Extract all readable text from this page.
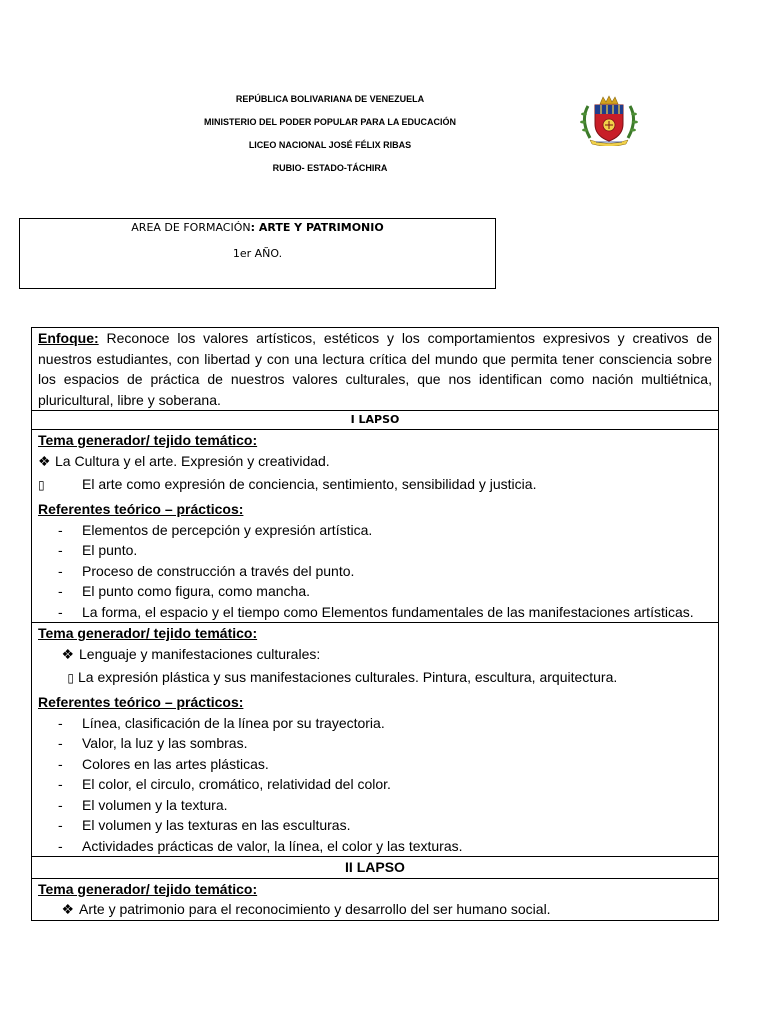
REPÚBLICA BOLIVARIANA DE VENEZUELA
MINISTERIO DEL PODER POPULAR PARA LA EDUCACIÓN
LICEO NACIONAL JOSÉ FÉLIX RIBAS
RUBIO- ESTADO-TÁCHIRA
AREA DE FORMACIÓN: ARTE Y PATRIMONIO
1er AÑO.
Enfoque: Reconoce los valores artísticos, estéticos y los comportamientos expresivos y creativos de nuestros estudiantes, con libertad y con una lectura crítica del mundo que permita tener consciencia sobre los espacios de práctica de nuestros valores culturales, que nos identifican como nación multiétnica, pluricultural, libre y soberana.
I LAPSO

Tema generador/ tejido temático:
❖ La Cultura y el arte. Expresión y creatividad.
▯	El arte como expresión de conciencia, sentimiento, sensibilidad y justicia.
Referentes teórico – prácticos:
-	Elementos de percepción y expresión artística.
-	El punto.
-	Proceso de construcción a través del punto.
-	El punto como figura, como mancha.
-	La forma, el espacio y el tiempo como Elementos fundamentales de las manifestaciones artísticas.

Tema generador/ tejido temático:
❖ Lenguaje y manifestaciones culturales:
▯ La expresión plástica y sus manifestaciones culturales. Pintura, escultura, arquitectura.
Referentes teórico – prácticos:
-	Línea, clasificación de la línea por su trayectoria.
-	Valor, la luz y las sombras.
-	Colores en las artes plásticas.
-	El color, el circulo, cromático, relatividad del color.
-	El volumen y la textura.
-	El volumen y las texturas en las esculturas.
-	Actividades prácticas de valor, la línea, el color y las texturas.

II LAPSO

Tema generador/ tejido temático:
❖ Arte y patrimonio para el reconocimiento y desarrollo del ser humano social.
